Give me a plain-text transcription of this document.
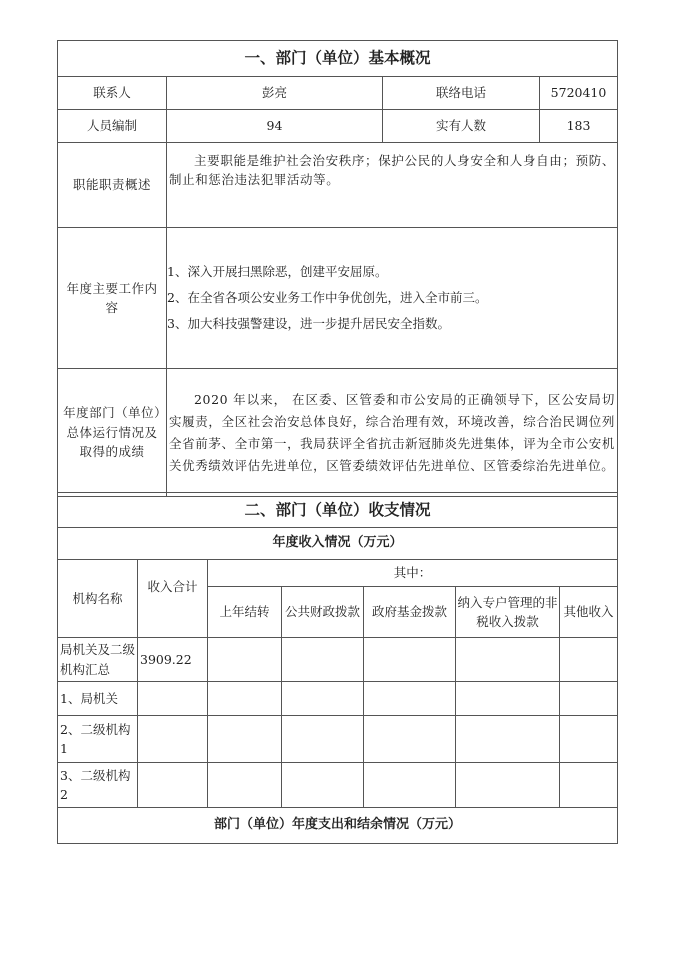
一、部门（单位）基本概况			
联系人	彭亮	联络电话	5720410
人员编制	94	实有人数	183
职能职责概述	主要职能是维护社会治安秩序；保护公民的人身安全和人身自由；预防、制止和惩治违法犯罪活动等。		
年度主要工作内容	1、深入开展扫黑除恶，创建平安屈原。
2、在全省各项公安业务工作中争优创先，进入全市前三。
3、加大科技强警建设，进一步提升居民安全指数。		

年度部门（单位）总体运行情况及取得的成绩	2020 年以来， 在区委、区管委和市公安局的正确领导下，区公安局切实履责，全区社会治安总体良好，综合治理有效，环境改善，综合治民调位列全省前茅、全市第一，我局获评全省抗击新冠肺炎先进集体，评为全市公安机关优秀绩效评估先进单位，区管委绩效评估先进单位、区管委综治先进单位。		
二、部门（单位）收支情况						
年度收入情况（万元）						
机构名称	收入合计	其中：				
		上年结转	公共财政拨款	政府基金拨款	纳入专户管理的非税收入拨款	其他收入
局机关及二级机构汇总	3909.22					
1、局机关						
2、二级机构1						
3、二级机构2						
部门（单位）年度支出和结余情况（万元）						
